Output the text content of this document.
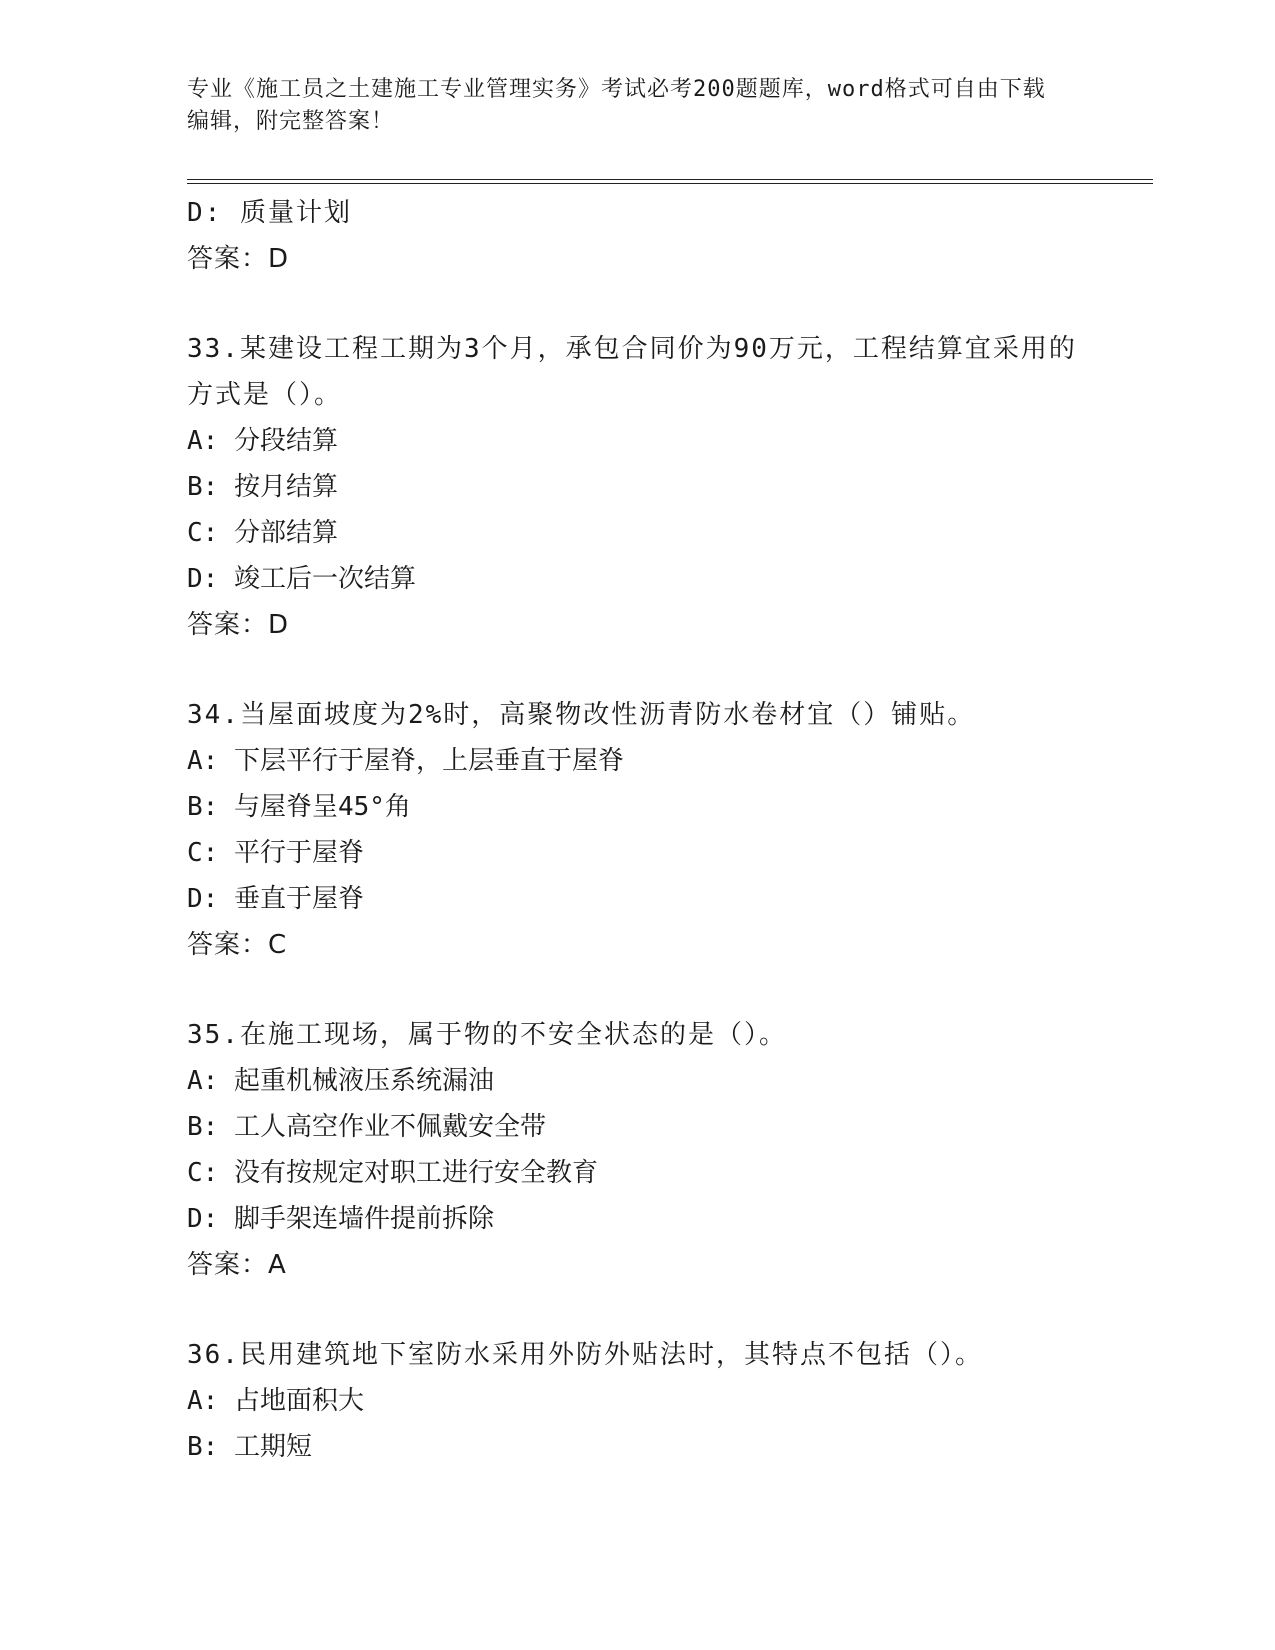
专业《施工员之土建施工专业管理实务》考试必考200题题库，word格式可自由下载编辑，附完整答案！
D: 质量计划
答案：D
33.某建设工程工期为3个月，承包合同价为90万元，工程结算宜采用的方式是（）。
A: 分段结算
B: 按月结算
C: 分部结算
D: 竣工后一次结算
答案：D
34.当屋面坡度为2%时，高聚物改性沥青防水卷材宜（）铺贴。
A: 下层平行于屋脊，上层垂直于屋脊
B: 与屋脊呈45°角
C: 平行于屋脊
D: 垂直于屋脊
答案：C
35.在施工现场，属于物的不安全状态的是（）。
A: 起重机械液压系统漏油
B: 工人高空作业不佩戴安全带
C: 没有按规定对职工进行安全教育
D: 脚手架连墙件提前拆除
答案：A
36.民用建筑地下室防水采用外防外贴法时，其特点不包括（）。
A: 占地面积大
B: 工期短
